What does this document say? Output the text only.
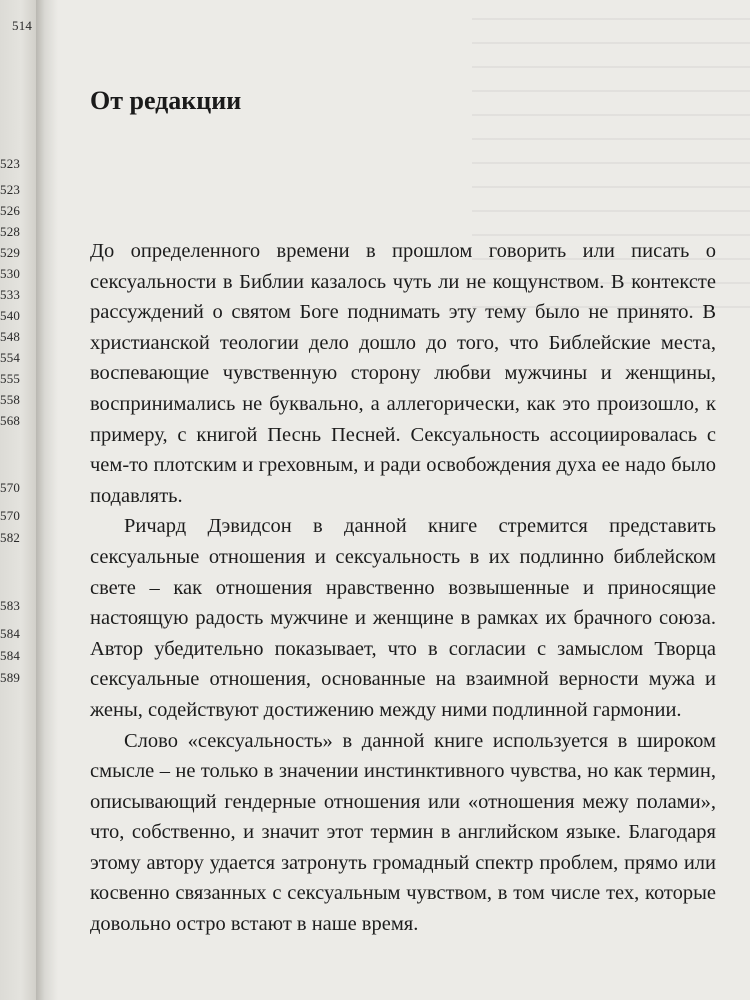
514
523
523
526
528
529
530
533
540
548
554
555
558
568
570
570
582
583
584
584
589
От редакции

До определенного времени в прошлом говорить или писать о сексуальности в Библии казалось чуть ли не кощунством. В контексте рассуждений о святом Боге поднимать эту тему было не принято. В христианской теологии дело дошло до того, что Библейские места, воспевающие чувственную сторону любви мужчины и женщины, воспринимались не буквально, а аллегорически, как это произошло, к примеру, с книгой Песнь Песней. Сексуальность ассоциировалась с чем-то плотским и греховным, и ради освобождения духа ее надо было подавлять.

Ричард Дэвидсон в данной книге стремится представить сексуальные отношения и сексуальность в их подлинно библейском свете – как отношения нравственно возвышенные и приносящие настоящую радость мужчине и женщине в рамках их брачного союза. Автор убедительно показывает, что в согласии с замыслом Творца сексуальные отношения, основанные на взаимной верности мужа и жены, содействуют достижению между ними подлинной гармонии.

Слово «сексуальность» в данной книге используется в широком смысле – не только в значении инстинктивного чувства, но как термин, описывающий гендерные отношения или «отношения межу полами», что, собственно, и значит этот термин в английском языке. Благодаря этому автору удается затронуть громадный спектр проблем, прямо или косвенно связанных с сексуальным чувством, в том числе тех, которые довольно остро встают в наше время.
